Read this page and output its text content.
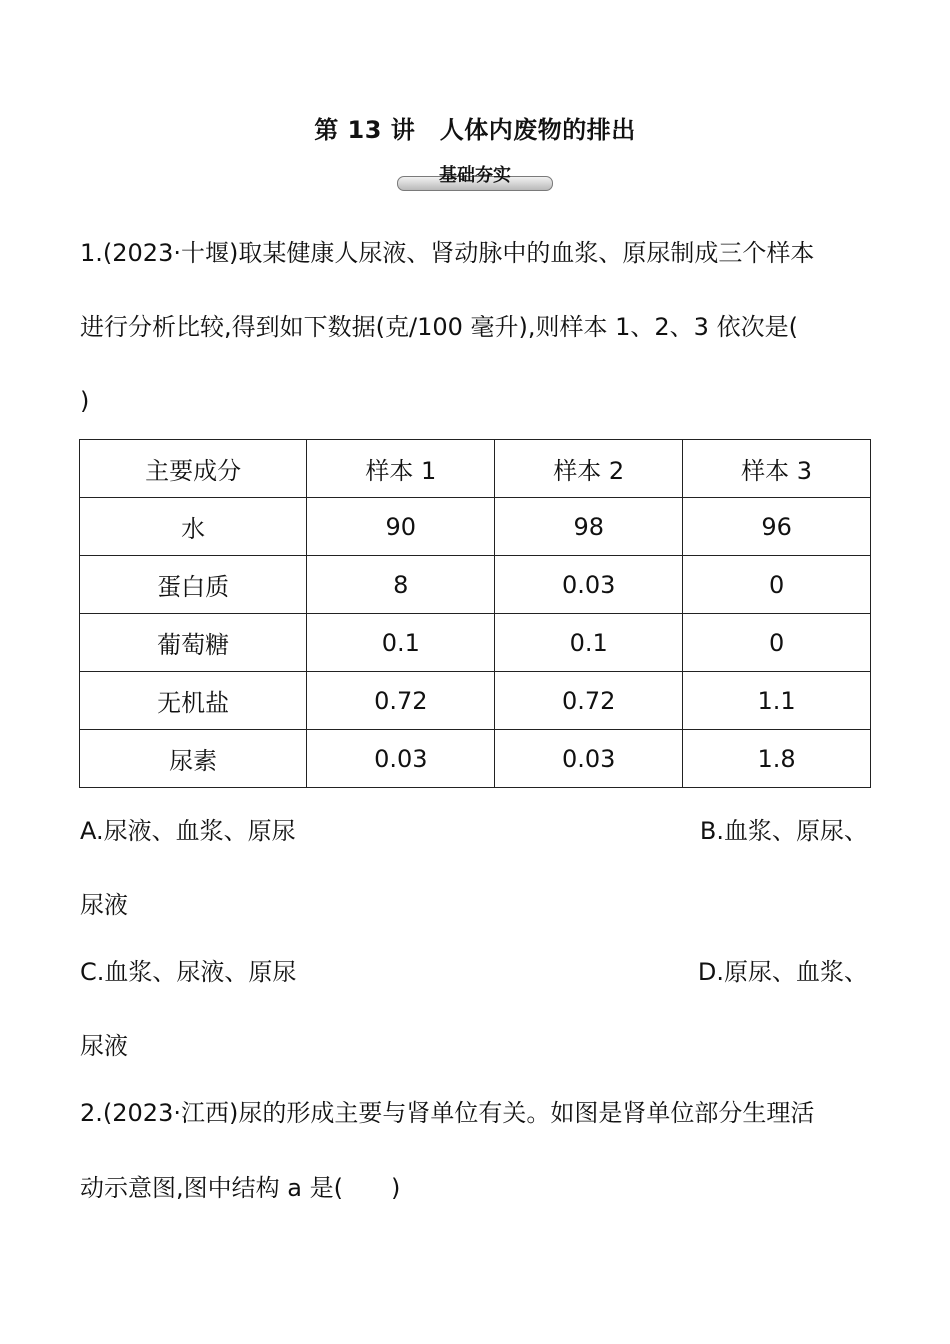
第 13 讲　人体内废物的排出
基础夯实
1.(2023·十堰)取某健康人尿液、肾动脉中的血浆、原尿制成三个样本
进行分析比较,得到如下数据(克/100 毫升),则样本 1、2、3 依次是(
)
主要成分	样本 1	样本 2	样本 3
水	90	98	96
蛋白质	8	0.03	0
葡萄糖	0.1	0.1	0
无机盐	0.72	0.72	1.1
尿素	0.03	0.03	1.8
A.尿液、血浆、原尿	B.血浆、原尿、
尿液
C.血浆、尿液、原尿	D.原尿、血浆、
尿液
2.(2023·江西)尿的形成主要与肾单位有关。如图是肾单位部分生理活
动示意图,图中结构 a 是(　　)
